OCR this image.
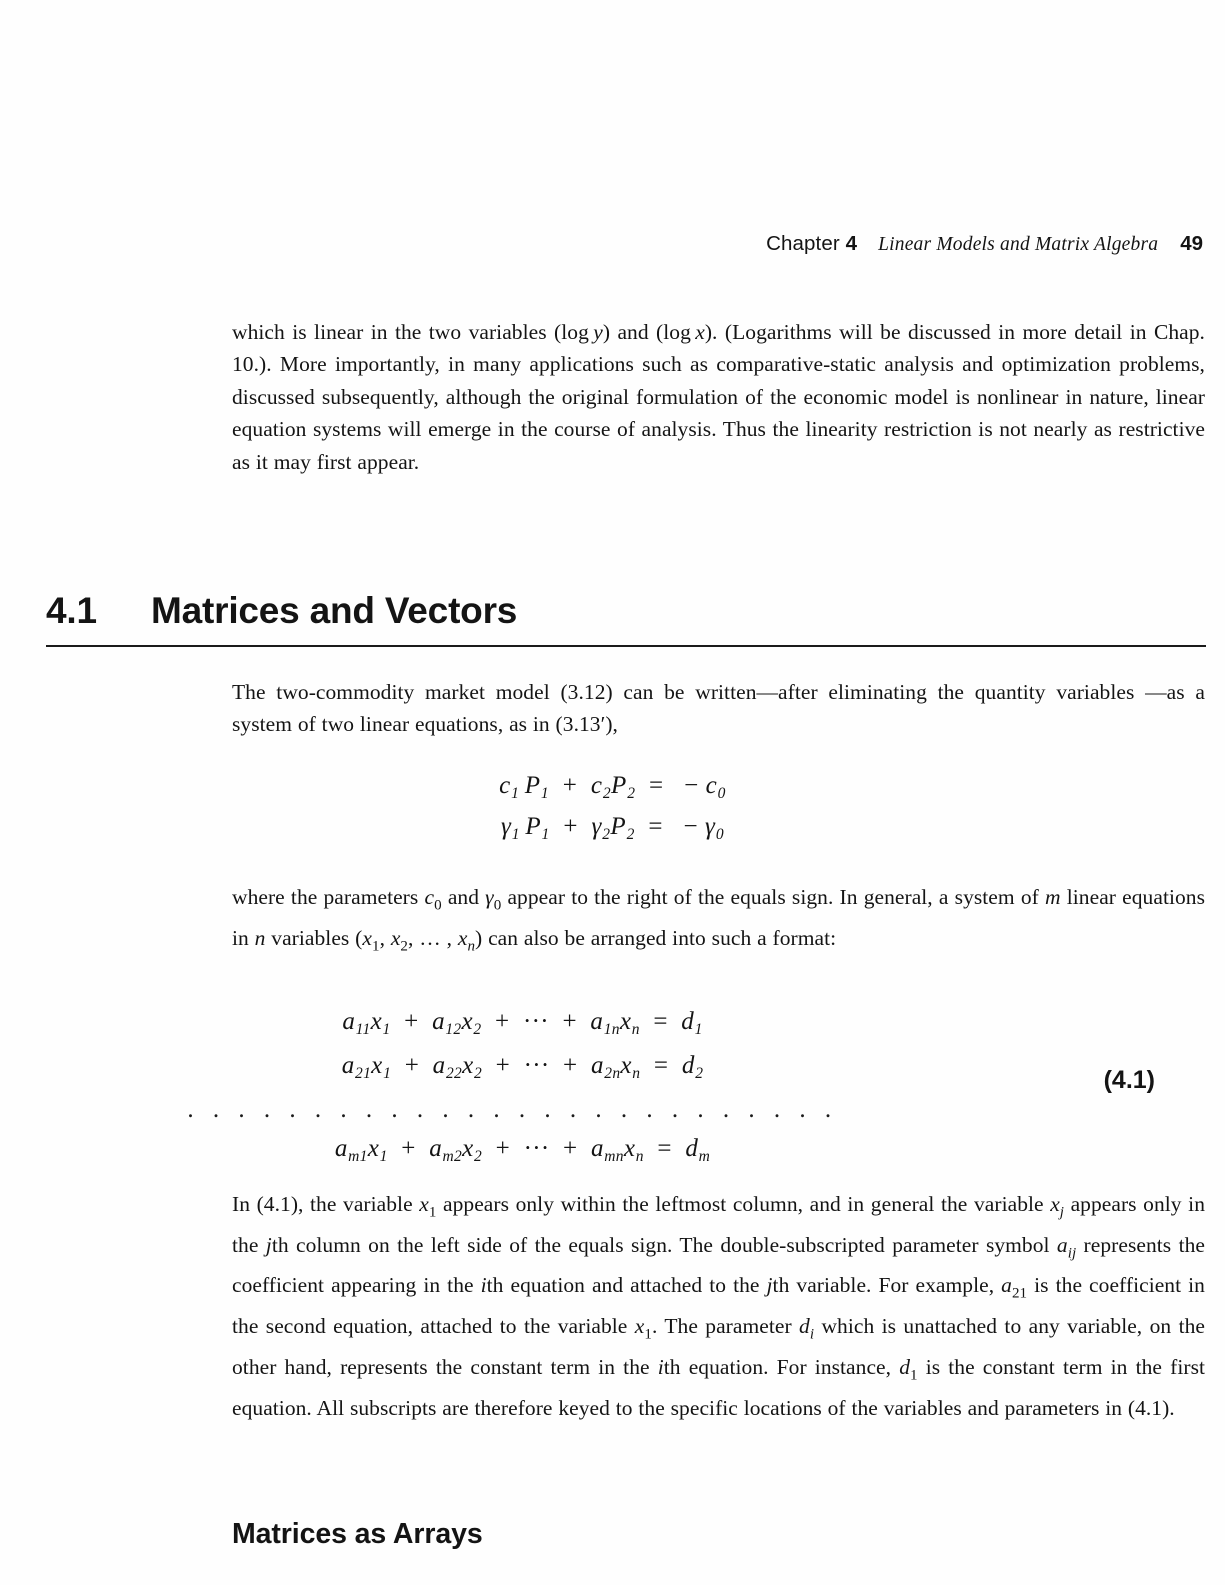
Chapter 4 Linear Models and Matrix Algebra 49
which is linear in the two variables (log y) and (log x). (Logarithms will be discussed in more detail in Chap. 10.). More importantly, in many applications such as comparative-static analysis and optimization problems, discussed subsequently, although the original formulation of the economic model is nonlinear in nature, linear equation systems will emerge in the course of analysis. Thus the linearity restriction is not nearly as restrictive as it may first appear.
4.1	Matrices and Vectors
The two-commodity market model (3.12) can be written—after eliminating the quantity variables —as a system of two linear equations, as in (3.13′),
$c_1$ $P_1 + c_2P_2$ = − $c_0$
$\gamma_1$ $P_1 + \gamma_2P_2$ = − $\gamma_0$
where the parameters $c_0$ and $\gamma_0$ appear to the right of the equals sign. In general, a system of m linear equations in n variables ($x_1$, $x_2$, … , $x_n$) can also be arranged into such a format:
$a_{11}x_1 + a_{12}x_2$ + ··· + $a_{1n}x_n = d_1$
$a_{21}x_1 + a_{22}x_2$ + ··· + $a_{2n}x_n = d_2$
. . . . . . . . . . . . . . . . . . . . . . . . . .
$a_{m1}x_1 + a_{m2}x_2$ + ··· + $a_{mn}x_n = d_m$
(4.1)
In (4.1), the variable $x_1$ appears only within the leftmost column, and in general the variable $x_j$ appears only in the jth column on the left side of the equals sign. The double-subscripted parameter symbol $a_{ij}$ represents the coefficient appearing in the ith equation and attached to the jth variable. For example, $a_{21}$ is the coefficient in the second equation, attached to the variable $x_1$. The parameter $d_i$ which is unattached to any variable, on the other hand, represents the constant term in the ith equation. For instance, $d_1$ is the constant term in the first equation. All subscripts are therefore keyed to the specific locations of the variables and parameters in (4.1).
Matrices as Arrays
